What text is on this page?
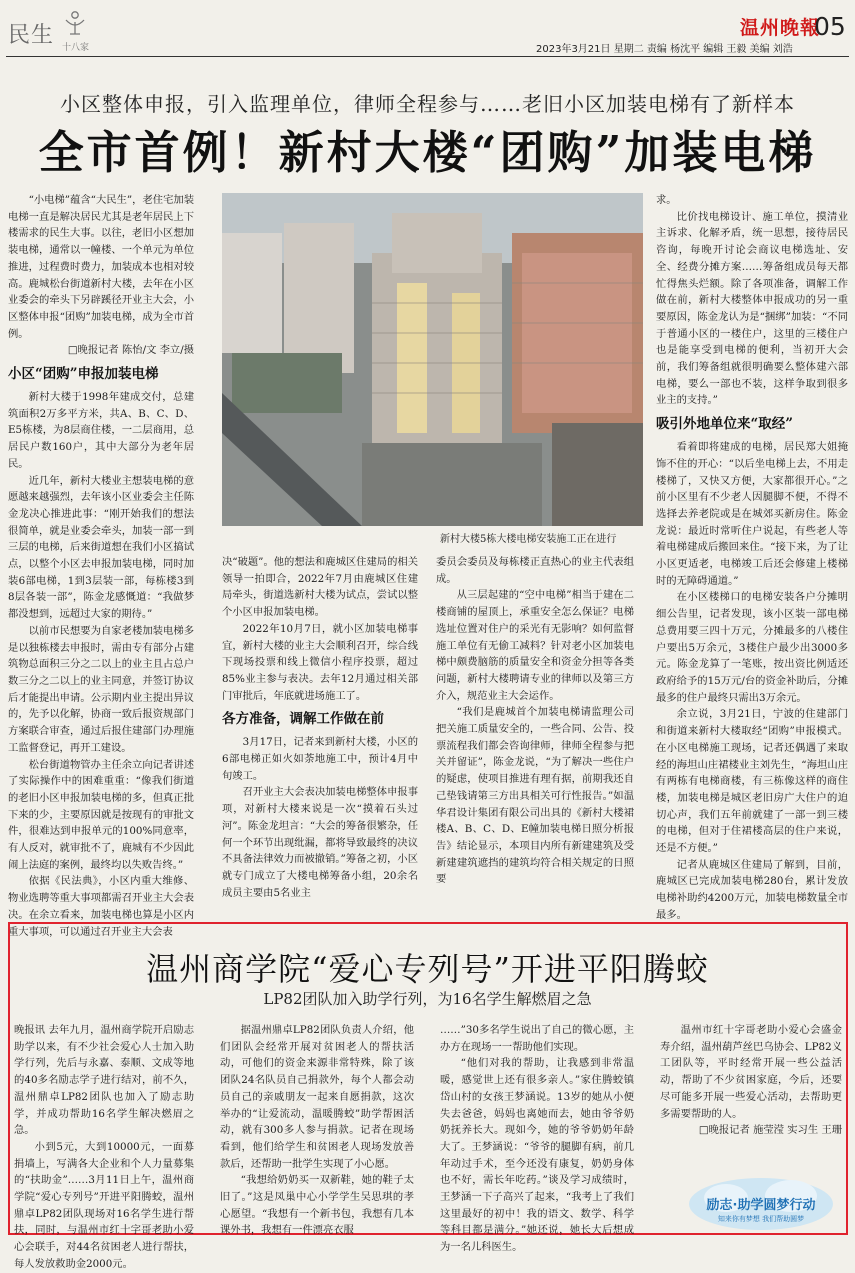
民生 十八家
温州晚報
05
2023年3月21日 星期二 责编 杨沈平 编辑 王毅 美编 刘浩
小区整体申报，引入监理单位，律师全程参与……老旧小区加装电梯有了新样本
全市首例！新村大楼“团购”加装电梯

“小电梯”蕴含“大民生”，老住宅加装电梯一直是解决居民尤其是老年居民上下楼需求的民生大事。以往，老旧小区想加装电梯，通常以一幢楼、一个单元为单位推进，过程费时费力，加装成本也相对较高。鹿城松台街道新村大楼，去年在小区业委会的牵头下另辟蹊径开业主大会，小区整体申报“团购”加装电梯，成为全市首例。

□晚报记者 陈怡/文 李立/摄

小区“团购”申报加装电梯

新村大楼于1998年建成交付，总建筑面积2万多平方米，共A、B、C、D、E5栋楼，为8层商住楼，一二层商用，总居民户数160户，其中大部分为老年居民。

近几年，新村大楼业主想装电梯的意愿越来越强烈，去年该小区业委会主任陈金龙决心推进此事：“刚开始我们的想法很简单，就是业委会牵头，加装一部一到三层的电梯，后来街道想在我们小区搞试点，以整个小区去申报加装电梯，同时加装6部电梯，1到3层装一部，每栋楼3到8层各装一部”，陈金龙感慨道：“我做梦都没想到，远超过大家的期待。”

以前市民想要为自家老楼加装电梯多是以独栋楼去申报时，需由专有部分占建筑物总面积三分之二以上的业主且占总户数三分之二以上的业主同意，并签订协议后才能提出申请。公示期内业主提出异议的，先予以化解，协商一致后报资规部门方案联合审查，通过后报住建部门办理施工监督登记，再开工建设。

松台街道物管办主任余立向记者讲述了实际操作中的困难重重：“像我们街道的老旧小区申报加装电梯的多，但真正批下来的少，主要原因就是按现有的审批文件，很难达到申报单元的100%同意率，有人反对，就审批不了，鹿城有不少因此闹上法庭的案例，最终均以失败告终。”

依据《民法典》，小区内重大维修、物业选聘等重大事项都需召开业主大会表决。在余立看来，加装电梯也算是小区内重大事项，可以通过召开业主大会表

新村大楼5栋大楼电梯安装施工正在进行

决“破题”。他的想法和鹿城区住建局的相关领导一拍即合，2022年7月由鹿城区住建局牵头，街道选新村大楼为试点，尝试以整个小区申报加装电梯。

2022年10月7日，就小区加装电梯事宜，新村大楼的业主大会顺利召开，综合线下现场投票和线上微信小程序投票，超过85%业主参与表决。去年12月通过相关部门审批后，年底就进场施工了。

各方准备，调解工作做在前

3月17日，记者来到新村大楼，小区的6部电梯正如火如荼地施工中，预计4月中旬竣工。

召开业主大会表决加装电梯整体申报事项，对新村大楼来说是一次“摸着石头过河”。陈金龙坦言：“大会的筹备很繁杂，任何一个环节出现纰漏，都将导致最终的决议不具备法律效力而被撤销。”筹备之初，小区就专门成立了大楼电梯筹备小组，20余名成员主要由5名业主

委员会委员及每栋楼正直热心的业主代表组成。

从三层起建的“空中电梯”相当于建在二楼商铺的屋顶上，承重安全怎么保证？电梯选址位置对住户的采光有无影响？如何监督施工单位有无偷工减料？针对老小区加装电梯中颇费脑筋的质量安全和资金分担等各类问题，新村大楼聘请专业的律师以及第三方介入，规范业主大会运作。

“我们是鹿城首个加装电梯请监理公司把关施工质量安全的，一些合同、公告、投票流程我们都会咨询律师，律师全程参与把关并留证”，陈金龙说，“为了解决一些住户的疑虑，使项目推进有理有据，前期我还自己垫钱请第三方出具相关可行性报告。”如温华君设计集团有限公司出具的《新村大楼裙楼A、B、C、D、E幢加装电梯日照分析报告》结论显示，本项目内所有新建建筑及受新建建筑遮挡的建筑均符合相关规定的日照要

求。

比价找电梯设计、施工单位，摸清业主诉求、化解矛盾，统一思想，接待居民咨询，每晚开讨论会商议电梯选址、安全、经费分摊方案……筹备组成员每天都忙得焦头烂额。除了各项准备，调解工作做在前，新村大楼整体申报成功的另一重要原因，陈金龙认为是“捆绑”加装：“不同于普通小区的一楼住户，这里的三楼住户也是能享受到电梯的便利，当初开大会前，我们筹备组就很明确要么整体建六部电梯，要么一部也不装，这样争取到很多业主的支持。”

吸引外地单位来“取经”

看着即将建成的电梯，居民郑大姐掩饰不住的开心：“以后坐电梯上去，不用走楼梯了，又快又方便，大家都很开心。”之前小区里有不少老人因腿脚不便，不得不选择去养老院或是在城郊买新房住。陈金龙说：最近时常听住户说起，有些老人等着电梯建成后搬回来住。“接下来，为了让小区更适老，电梯竣工后还会修建上楼梯时的无障碍通道。”

在小区楼梯口的电梯安装各户分摊明细公告里，记者发现，该小区装一部电梯总费用要三四十万元，分摊最多的八楼住户要出5万余元，3楼住户最少出3000多元。陈金龙算了一笔账，按出资比例适还政府给予的15万元/台的资金补助后，分摊最多的住户最终只需出3万余元。

余立说，3月21日，宁波的住建部门和街道来新村大楼取经“团购”申报模式。在小区电梯施工现场，记者还偶遇了来取经的海坦山庄裙楼业主刘先生，“海坦山庄有两栋有电梯商楼，有三栋像这样的商住楼，加装电梯是城区老旧房广大住户的迫切心声，我们五年前就建了一部一到三楼的电梯，但对于住裙楼高层的住户来说，还是不方便。”

记者从鹿城区住建局了解到，目前，鹿城区已完成加装电梯280台，累计发放电梯补助约4200万元，加装电梯数量全市最多。

温州商学院“爱心专列号”开进平阳腾蛟
LP82团队加入助学行列，为16名学生解燃眉之急

晚报讯 去年九月，温州商学院开启励志助学以来，有不少社会爱心人士加入助学行列，先后与永嘉、泰顺、文成等地的40多名励志学子进行结对，前不久，温州鼎卓LP82团队也加入了励志助学，并成功帮助16名学生解决燃眉之急。

小到5元，大到10000元，一面募捐墙上，写满各大企业和个人力量募集的“扶助金”……3月11日上午，温州商学院“爱心专列号”开进平阳腾蛟，温州鼎卓LP82团队现场对16名学生进行帮扶，同时，与温州市红十字哥老助小爱心会联手，对44名贫困老人进行帮扶，每人发放救助金2000元。

据温州鼎卓LP82团队负责人介绍，他们团队会经常开展对贫困老人的帮扶活动，可他们的资金来源非常特殊，除了该团队24名队员自己捐款外，每个人都会动员自己的亲戚朋友一起来自愿捐款，这次举办的“让爱流动，温暖腾蛟”助学帮困活动，就有300多人参与捐款。记者在现场看到，他们给学生和贫困老人现场发放善款后，还帮助一批学生实现了小心愿。

“我想给奶奶买一双新鞋，她的鞋子太旧了。”这是凤巢中心小学学生吴思琪的孝心愿望。“我想有一个新书包，我想有几本课外书，我想有一件漂亮衣服

……”30多名学生说出了自己的微心愿，主办方在现场一一帮助他们实现。

“他们对我的帮助，让我感到非常温暖，感觉世上还有很多亲人。”家住腾蛟镇岱山村的女孩王梦涵说。13岁的她从小便失去爸爸，妈妈也离她而去，她由爷爷奶奶抚养长大。现如今，她的爷爷奶奶年龄大了。王梦涵说：“爷爷的腿脚有病，前几年动过手术，至今还没有康复，奶奶身体也不好，需长年吃药。”谈及学习成绩时，王梦涵一下子高兴了起来，“我考上了我们这里最好的初中！我的语文、数学、科学等科目都是满分。”她还说，她长大后想成为一名儿科医生。

温州市红十字哥老助小爱心会盛金寿介绍，温州葫芦丝巴乌协会、LP82义工团队等，平时经常开展一些公益活动，帮助了不少贫困家庭，今后，还要尽可能多开展一些爱心活动，去帮助更多需要帮助的人。

□晚报记者 施莹滢 实习生 王珊

励志·助学圆梦行动
知来你有梦想 我们帮助圆梦
